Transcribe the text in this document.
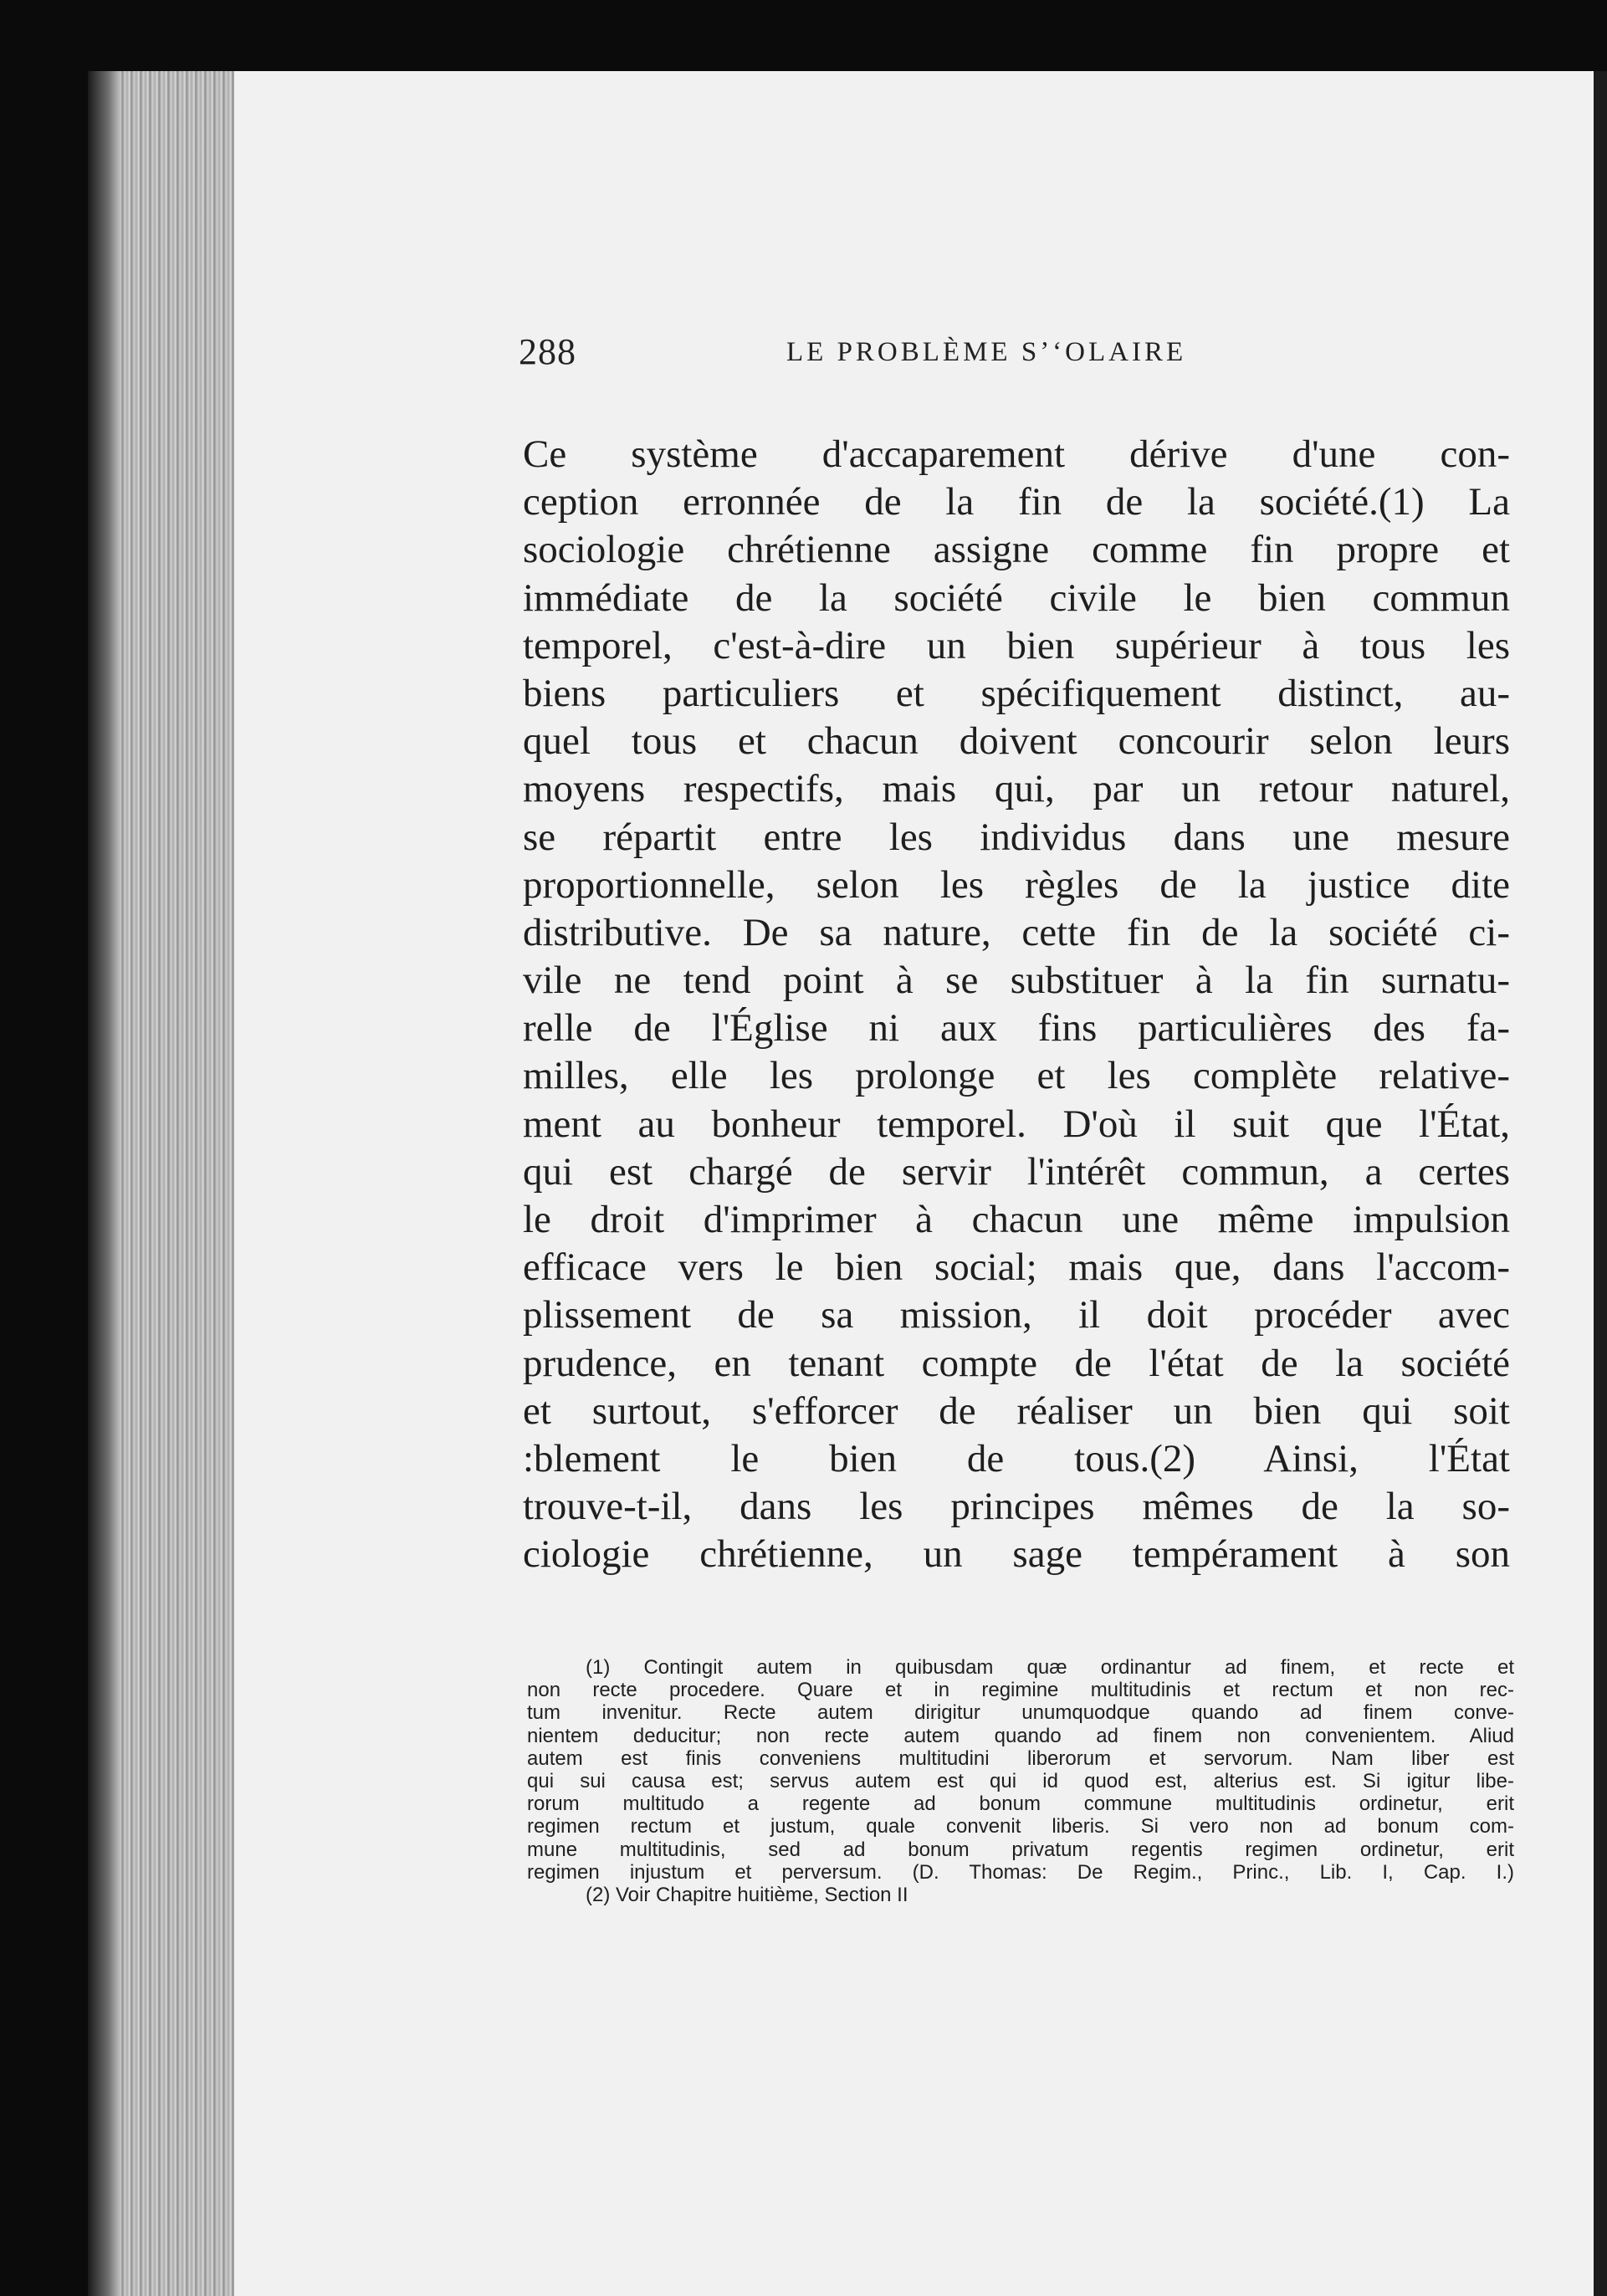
288	LE PROBLÈME SʼʻOLAIRE
Ce système d'accaparement dérive d'une con-
ception erronnée de la fin de la société.(1) La
sociologie chrétienne assigne comme fin propre et
immédiate de la société civile le bien commun
temporel, c'est-à-dire un bien supérieur à tous les
biens particuliers et spécifiquement distinct, au-
quel tous et chacun doivent concourir selon leurs
moyens respectifs, mais qui, par un retour naturel,
se répartit entre les individus dans une mesure
proportionnelle, selon les règles de la justice dite
distributive. De sa nature, cette fin de la société ci-
vile ne tend point à se substituer à la fin surnatu-
relle de l'Église ni aux fins particulières des fa-
milles, elle les prolonge et les complète relative-
ment au bonheur temporel. D'où il suit que l'État,
qui est chargé de servir l'intérêt commun, a certes
le droit d'imprimer à chacun une même impulsion
efficace vers le bien social; mais que, dans l'accom-
plissement de sa mission, il doit procéder avec
prudence, en tenant compte de l'état de la société
et surtout, s'efforcer de réaliser un bien qui soit
:blement le bien de tous.(2) Ainsi, l'État
trouve-t-il, dans les principes mêmes de la so-
ciologie chrétienne, un sage tempérament à son
(1) Contingit autem in quibusdam quæ ordinantur ad finem, et recte et
non recte procedere. Quare et in regimine multitudinis et rectum et non rec-
tum invenitur. Recte autem dirigitur unumquodque quando ad finem conve-
nientem deducitur; non recte autem quando ad finem non convenientem. Aliud
autem est finis conveniens multitudini liberorum et servorum. Nam liber est
qui sui causa est; servus autem est qui id quod est, alterius est. Si igitur libe-
rorum multitudo a regente ad bonum commune multitudinis ordinetur, erit
regimen rectum et justum, quale convenit liberis. Si vero non ad bonum com-
mune multitudinis, sed ad bonum privatum regentis regimen ordinetur, erit
regimen injustum et perversum. (D. Thomas: De Regim., Princ., Lib. I, Cap. I.)
(2) Voir Chapitre huitième, Section II
